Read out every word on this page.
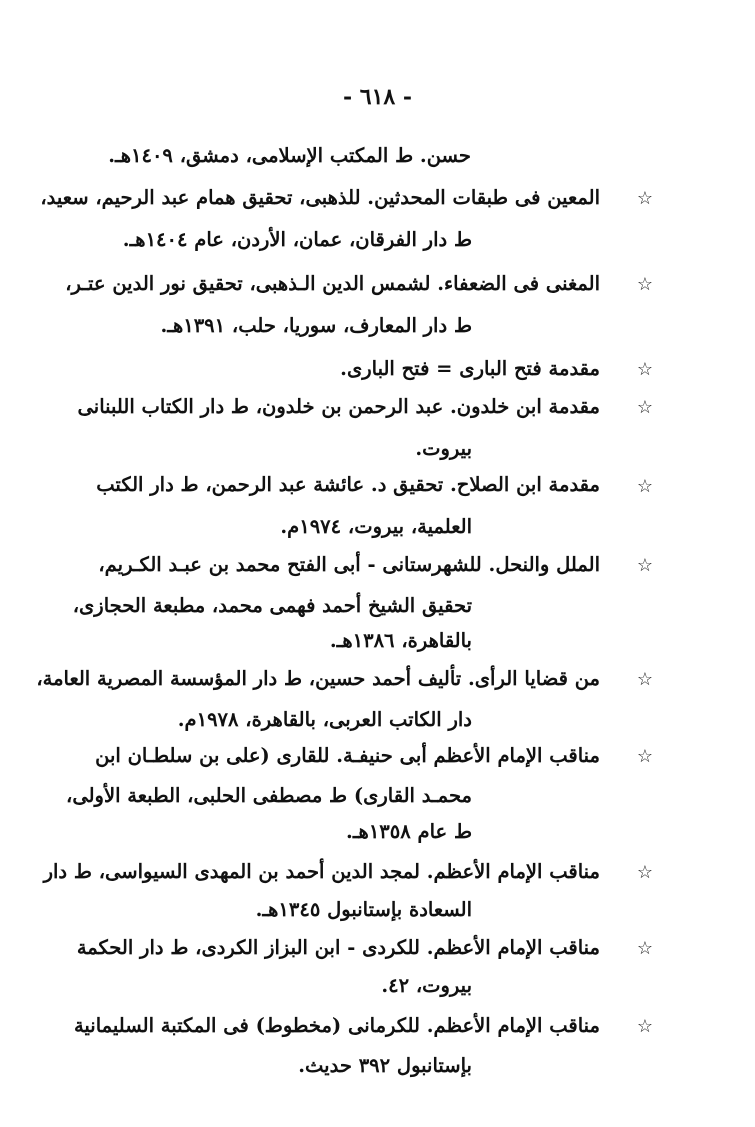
- ٦١٨ -
حسن. ط المكتب الإسلامى، دمشق، ١٤٠٩هـ.
☆
المعين فى طبقات المحدثين. للذهبى، تحقيق همام عبد الرحيم، سعيد،
ط دار الفرقان، عمان، الأردن، عام ١٤٠٤هـ.
☆
المغنى فى الضعفاء. لشمس الدين الـذهبى، تحقيق نور الدين عتـر،
ط دار المعارف، سوريا، حلب، ١٣٩١هـ.
☆
مقدمة فتح البارى = فتح البارى.
☆
مقدمة ابن خلدون. عبد الرحمن بن خلدون، ط دار الكتاب اللبنانى
بيروت.
☆
مقدمة ابن الصلاح. تحقيق د. عائشة عبد الرحمن، ط دار الكتب
العلمية، بيروت، ١٩٧٤م.
☆
الملل والنحل. للشهرستانى - أبى الفتح محمد بن عبـد الكـريم،
تحقيق الشيخ أحمد فهمى محمد، مطبعة الحجازى،
بالقاهرة، ١٣٨٦هـ.
☆
من قضايا الرأى. تأليف أحمد حسين، ط دار المؤسسة المصرية العامة،
دار الكاتب العربى، بالقاهرة، ١٩٧٨م.
☆
مناقب الإمام الأعظم أبى حنيفـة. للقارى (على بن سلطـان ابن
محمـد القارى) ط مصطفى الحلبى، الطبعة الأولى،
ط عام ١٣٥٨هـ.
☆
مناقب الإمام الأعظم. لمجد الدين أحمد بن المهدى السيواسى، ط دار
السعادة بإستانبول ١٣٤٥هـ.
☆
مناقب الإمام الأعظم. للكردى - ابن البزاز الكردى، ط دار الحكمة
بيروت، ٤٢.
☆
مناقب الإمام الأعظم. للكرمانى (مخطوط) فى المكتبة السليمانية
بإستانبول ٣٩٢ حديث.
